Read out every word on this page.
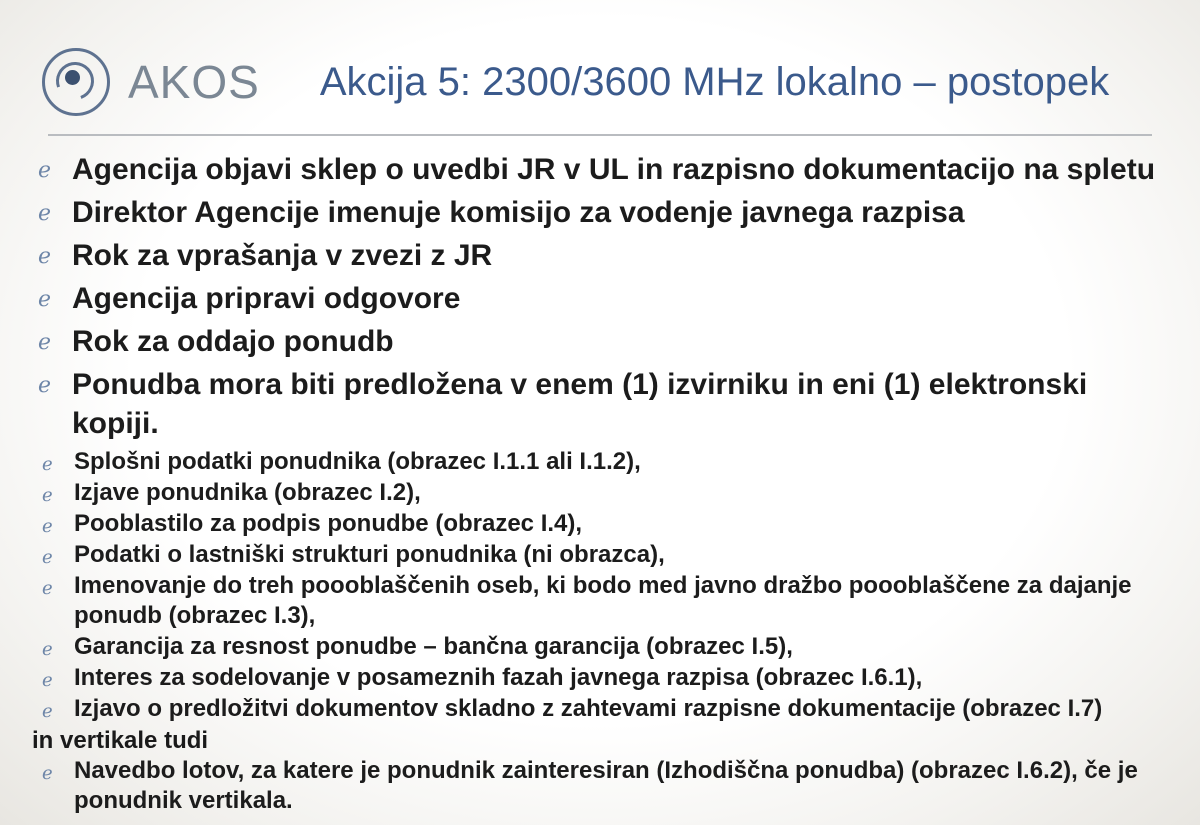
AKOS Akcija 5: 2300/3600 MHz lokalno – postopek
ℯ Agencija objavi sklep o uvedbi JR v UL in razpisno dokumentacijo na spletu
ℯ Direktor Agencije imenuje komisijo za vodenje javnega razpisa
ℯ Rok za vprašanja v zvezi z JR
ℯ Agencija pripravi odgovore
ℯ Rok za oddajo ponudb
ℯ Ponudba mora biti predložena v enem (1) izvirniku in eni (1) elektronski kopiji.
ℯ Splošni podatki ponudnika (obrazec I.1.1 ali I.1.2),
ℯ Izjave ponudnika (obrazec I.2),
ℯ Pooblastilo za podpis ponudbe (obrazec I.4),
ℯ Podatki o lastniški strukturi ponudnika (ni obrazca),
ℯ Imenovanje do treh poooblaščenih oseb, ki bodo med javno dražbo poooblaščene za dajanje ponudb (obrazec I.3),
ℯ Garancija za resnost ponudbe – bančna garancija (obrazec I.5),
ℯ Interes za sodelovanje v posameznih fazah javnega razpisa (obrazec I.6.1),
ℯ Izjavo o predložitvi dokumentov skladno z zahtevami razpisne dokumentacije (obrazec I.7)
in vertikale tudi
ℯ Navedbo lotov, za katere je ponudnik zainteresiran (Izhodiščna ponudba) (obrazec I.6.2), če je ponudnik vertikala.
